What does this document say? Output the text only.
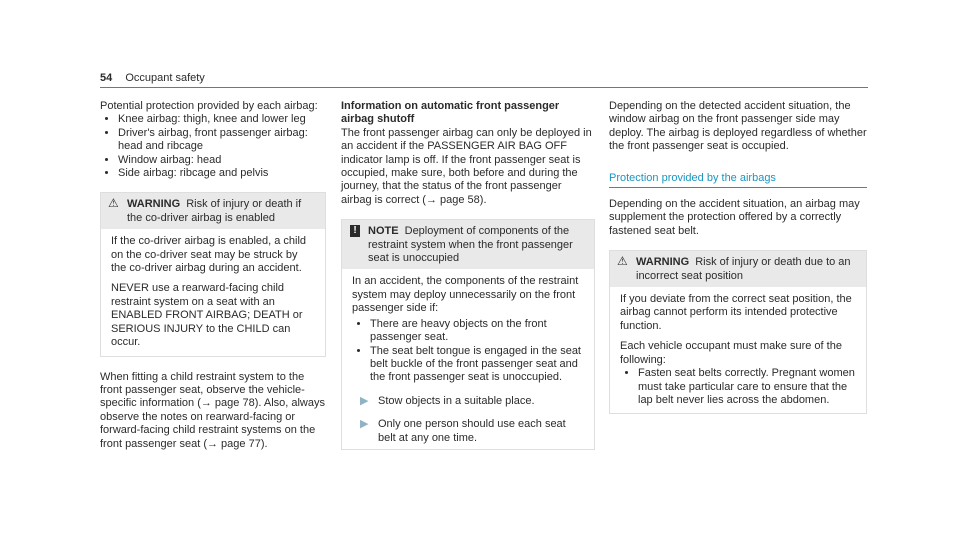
54 Occupant safety

Potential protection provided by each airbag:

• Knee airbag: thigh, knee and lower leg
• Driver's airbag, front passenger airbag: head and ribcage
• Window airbag: head
• Side airbag: ribcage and pelvis
⚠ WARNING Risk of injury or death if the co-driver airbag is enabled

If the co-driver airbag is enabled, a child on the co-driver seat may be struck by the co-driver airbag during an accident.

NEVER use a rearward-facing child restraint system on a seat with an ENABLED FRONT AIRBAG; DEATH or SERIOUS INJURY to the CHILD can occur.

When fitting a child restraint system to the front passenger seat, observe the vehicle-specific information (→ page 78). Also, always observe the notes on rearward-facing or forward-facing child restraint systems on the front passenger seat (→ page 77).

Information on automatic front passenger airbag shutoff

The front passenger airbag can only be deployed in an accident if the PASSENGER AIR BAG OFF indicator lamp is off. If the front passenger seat is occupied, make sure, both before and during the journey, that the status of the front passenger airbag is correct (→ page 58).

!	NOTE Deployment of components of the restraint system when the front passenger seat is unoccupied

In an accident, the components of the restraint system may deploy unnecessarily on the front passenger side if:

• There are heavy objects on the front passenger seat.
• The seat belt tongue is engaged in the seat belt buckle of the front passenger seat and the front passenger seat is unoccupied.
▶ Stow objects in a suitable place.
▶ Only one person should use each seat belt at any one time.

Depending on the detected accident situation, the window airbag on the front passenger side may deploy. The airbag is deployed regardless of whether the front passenger seat is occupied.

Protection provided by the airbags

Depending on the accident situation, an airbag may supplement the protection offered by a correctly fastened seat belt.

⚠ WARNING Risk of injury or death due to an incorrect seat position

If you deviate from the correct seat position, the airbag cannot perform its intended protective function.

Each vehicle occupant must make sure of the following:

• Fasten seat belts correctly. Pregnant women must take particular care to ensure that the lap belt never lies across the abdomen.
